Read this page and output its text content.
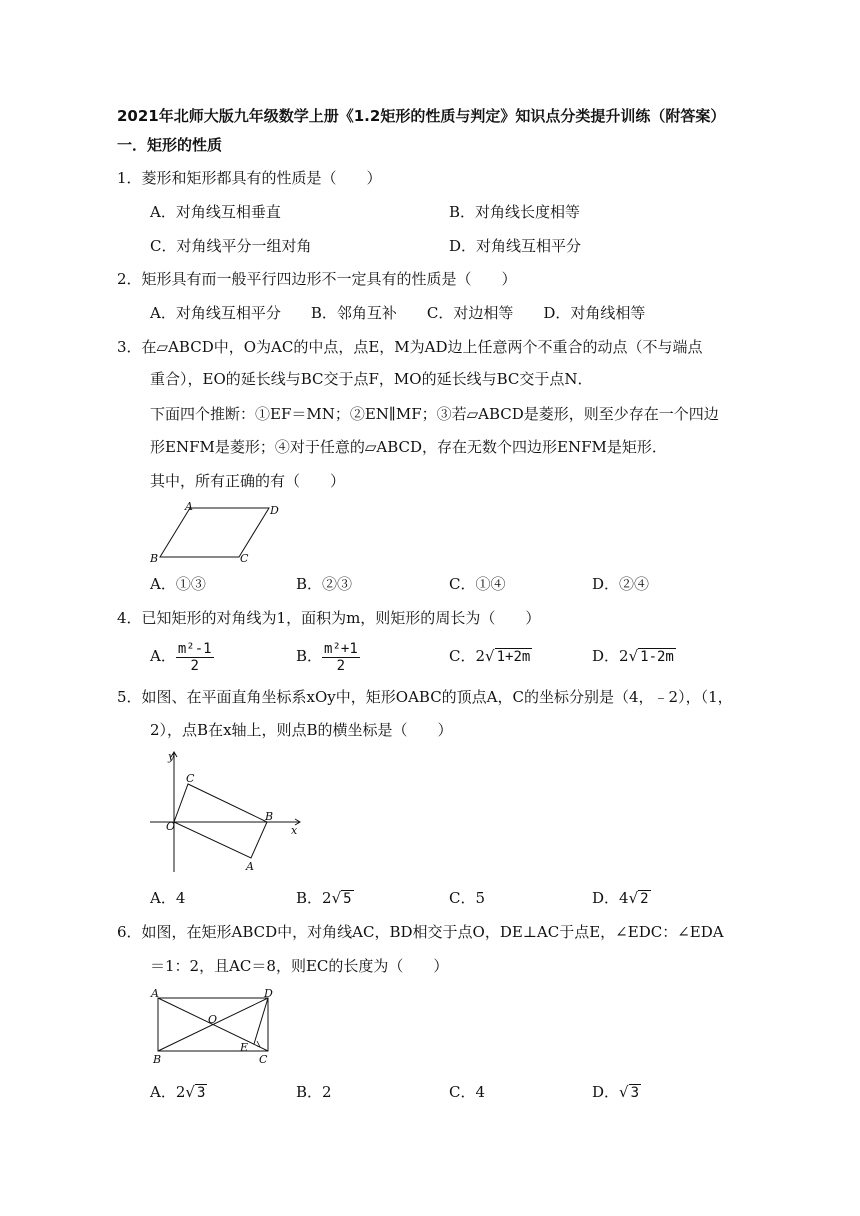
2021年北师大版九年级数学上册《1.2矩形的性质与判定》知识点分类提升训练（附答案）
一．矩形的性质
1．菱形和矩形都具有的性质是（　　）
A．对角线互相垂直	B．对角线长度相等
C．对角线平分一组对角	D．对角线互相平分
2．矩形具有而一般平行四边形不一定具有的性质是（　　）
A．对角线互相平分　　B．邻角互补　　C．对边相等　　D．对角线相等
3．在▱ABCD中，O为AC的中点，点E，M为AD边上任意两个不重合的动点（不与端点
重合），EO的延长线与BC交于点F，MO的延长线与BC交于点N．
下面四个推断：①EF＝MN；②EN∥MF；③若▱ABCD是菱形，则至少存在一个四边
形ENFM是菱形；④对于任意的▱ABCD，存在无数个四边形ENFM是矩形．
其中，所有正确的有（　　）
A	D
B	C
A．①③	B．②③	C．①④	D．②④
4．已知矩形的对角线为1，面积为m，则矩形的周长为（　　）
A． $\frac{\text{m²-1}}{2}$	B． $\frac{\text{m²+1}}{2}$	C．2√ 1+2m	D．2√ 1-2m
5．如图、在平面直角坐标系xOy中，矩形OABC的顶点A，C的坐标分别是（4，﹣2），（1，
2），点B在x轴上，则点B的横坐标是（　　）
y
x
O
C
B
A
A．4	B．2√ 5	C．5	D．4√ 2
6．如图，在矩形ABCD中，对角线AC，BD相交于点O，DE⊥AC于点E，∠EDC：∠EDA
＝1：2，且AC＝8，则EC的长度为（　　）
A	D
B	C
O
E
A．2√ 3	B．2	C．4	D．√ 3
